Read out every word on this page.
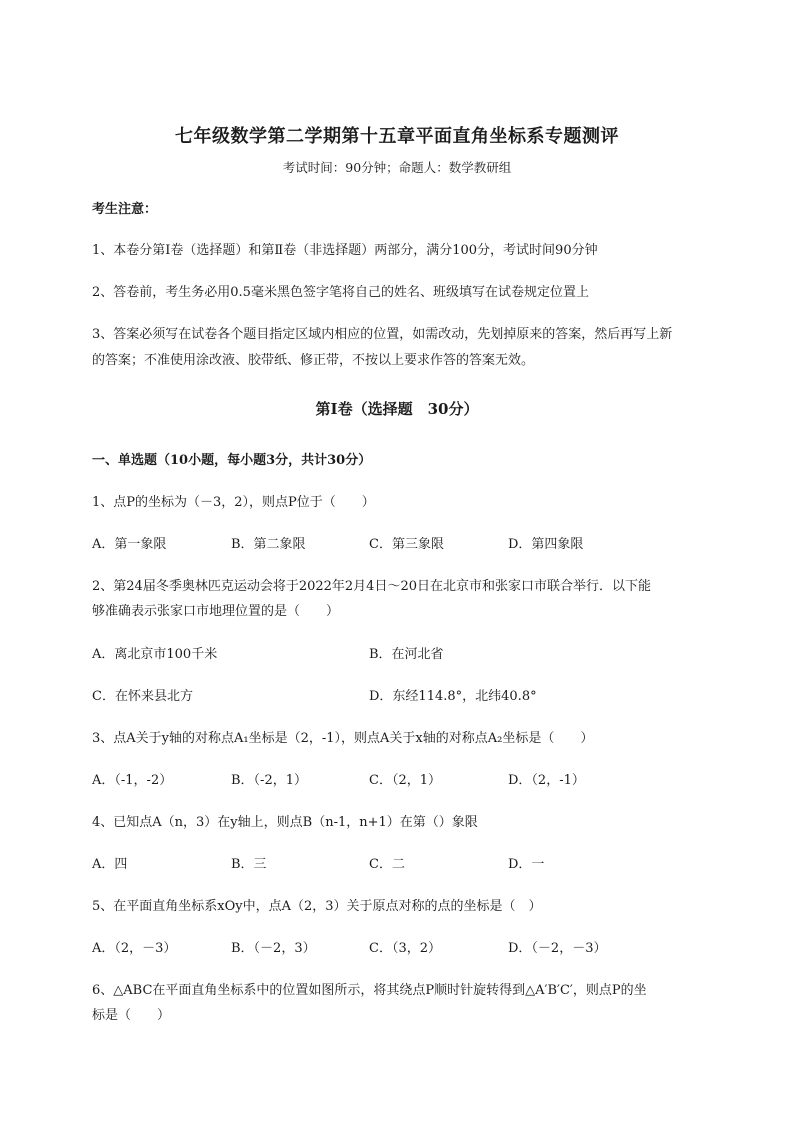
七年级数学第二学期第十五章平面直角坐标系专题测评
考试时间：90分钟；命题人：数学教研组
考生注意：
1、本卷分第Ⅰ卷（选择题）和第Ⅱ卷（非选择题）两部分，满分100分，考试时间90分钟
2、答卷前，考生务必用0.5毫米黑色签字笔将自己的姓名、班级填写在试卷规定位置上
3、答案必须写在试卷各个题目指定区域内相应的位置，如需改动，先划掉原来的答案，然后再写上新
的答案；不准使用涂改液、胶带纸、修正带，不按以上要求作答的答案无效。
第Ⅰ卷（选择题　30分）
一、单选题（10小题，每小题3分，共计30分）
1、点P的坐标为（－3，2），则点P位于（　　）
A．第一象限	B．第二象限	C．第三象限	D．第四象限
2、第24届冬季奥林匹克运动会将于2022年2月4日～20日在北京市和张家口市联合举行．以下能
够准确表示张家口市地理位置的是（　　）
A．离北京市100千米	B．在河北省
C．在怀来县北方	D．东经114.8°，北纬40.8°
3、点A关于y轴的对称点A₁坐标是（2，-1），则点A关于x轴的对称点A₂坐标是（　　）
A．（-1，-2）	B．（-2，1）	C．（2，1）	D．（2，-1）
4、已知点A（n，3）在y轴上，则点B（n-1，n+1）在第（）象限
A．四	B．三	C．二	D．一
5、在平面直角坐标系xOy中，点A（2，3）关于原点对称的点的坐标是（　）
A．（2，－3）	B．（－2，3）	C．（3，2）	D．（－2，－3）
6、△ABC在平面直角坐标系中的位置如图所示，将其绕点P顺时针旋转得到△A′B′C′，则点P的坐
标是（　　）
